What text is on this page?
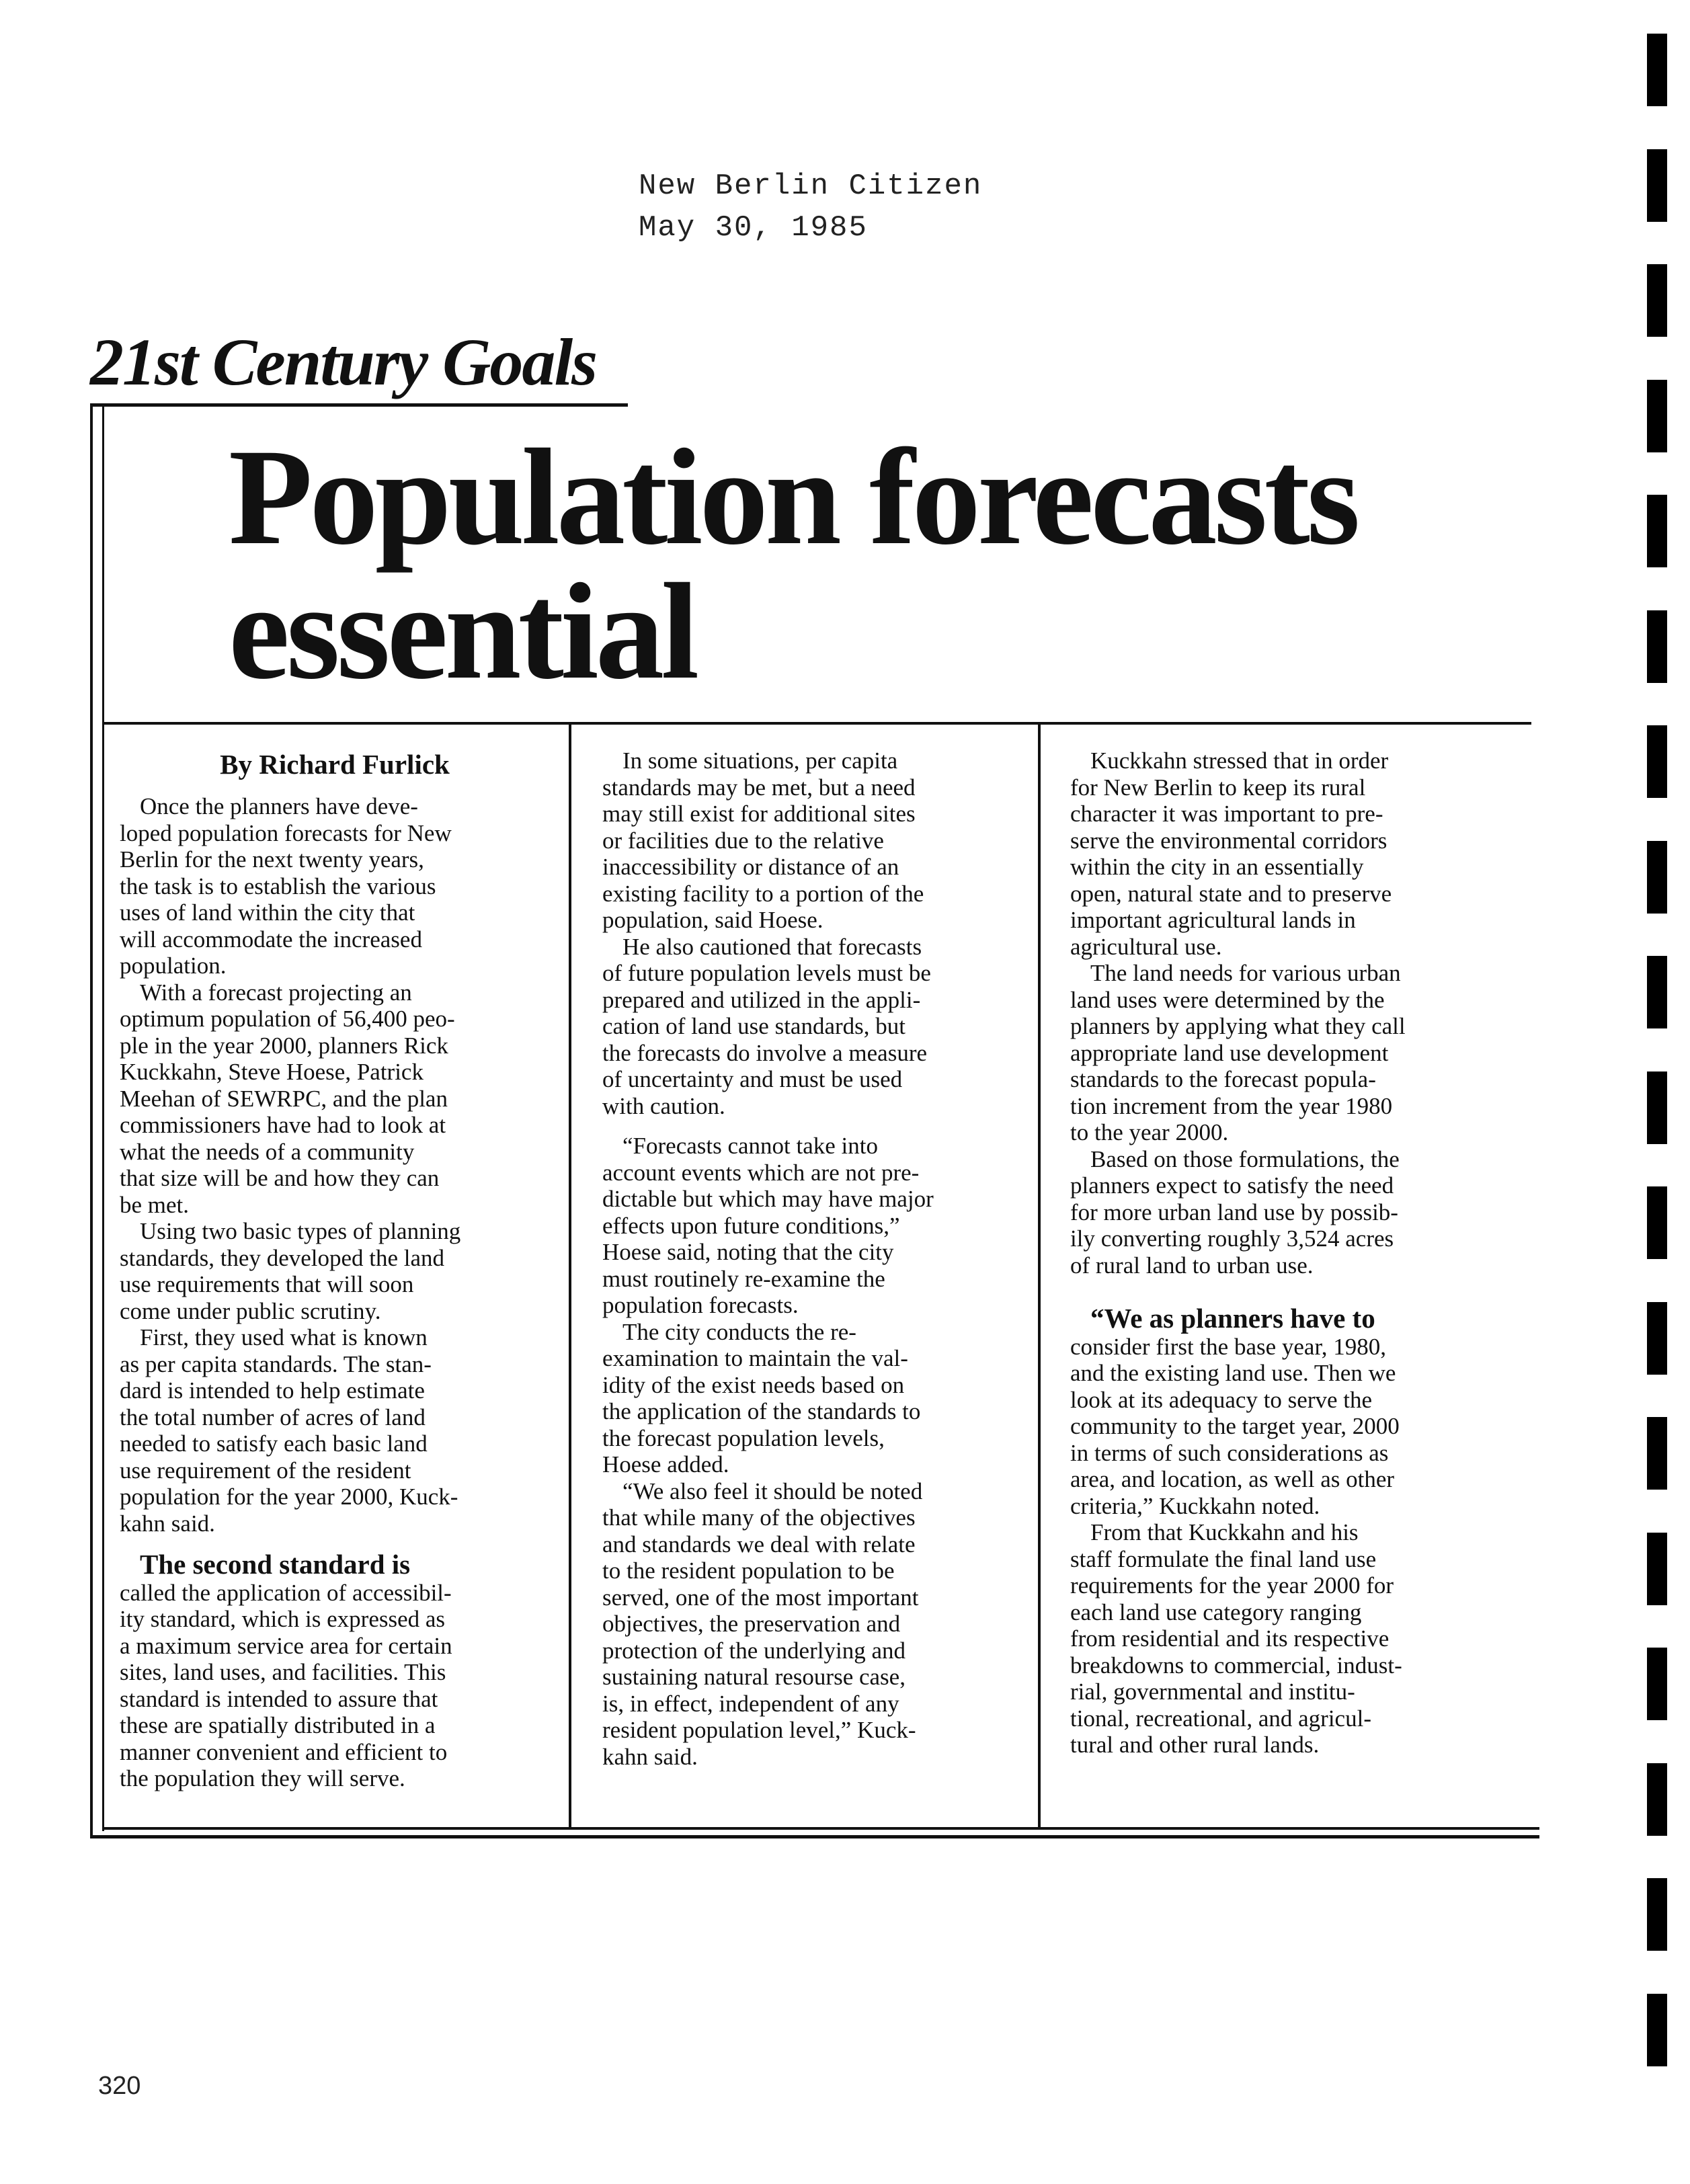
New Berlin Citizen
May 30, 1985
21st Century Goals
Population forecasts
essential
By Richard Furlick

Once the planners have deve-
loped population forecasts for New
Berlin for the next twenty years,
the task is to establish the various
uses of land within the city that
will accommodate the increased
population.

With a forecast projecting an
optimum population of 56,400 peo-
ple in the year 2000, planners Rick
Kuckkahn, Steve Hoese, Patrick
Meehan of SEWRPC, and the plan
commissioners have had to look at
what the needs of a community
that size will be and how they can
be met.

Using two basic types of planning
standards, they developed the land
use requirements that will soon
come under public scrutiny.

First, they used what is known
as per capita standards. The stan-
dard is intended to help estimate
the total number of acres of land
needed to satisfy each basic land
use requirement of the resident
population for the year 2000, Kuck-
kahn said.

The second standard is
called the application of accessibil-
ity standard, which is expressed as
a maximum service area for certain
sites, land uses, and facilities. This
standard is intended to assure that
these are spatially distributed in a
manner convenient and efficient to
the population they will serve.

In some situations, per capita
standards may be met, but a need
may still exist for additional sites
or facilities due to the relative
inaccessibility or distance of an
existing facility to a portion of the
population, said Hoese.

He also cautioned that forecasts
of future population levels must be
prepared and utilized in the appli-
cation of land use standards, but
the forecasts do involve a measure
of uncertainty and must be used
with caution.

“Forecasts cannot take into
account events which are not pre-
dictable but which may have major
effects upon future conditions,”
Hoese said, noting that the city
must routinely re-examine the
population forecasts.

The city conducts the re-
examination to maintain the val-
idity of the exist needs based on
the application of the standards to
the forecast population levels,
Hoese added.

“We also feel it should be noted
that while many of the objectives
and standards we deal with relate
to the resident population to be
served, one of the most important
objectives, the preservation and
protection of the underlying and
sustaining natural resourse case,
is, in effect, independent of any
resident population level,” Kuck-
kahn said.

Kuckkahn stressed that in order
for New Berlin to keep its rural
character it was important to pre-
serve the environmental corridors
within the city in an essentially
open, natural state and to preserve
important agricultural lands in
agricultural use.

The land needs for various urban
land uses were determined by the
planners by applying what they call
appropriate land use development
standards to the forecast popula-
tion increment from the year 1980
to the year 2000.

Based on those formulations, the
planners expect to satisfy the need
for more urban land use by possib-
ily converting roughly 3,524 acres
of rural land to urban use.

“We as planners have to
consider first the base year, 1980,
and the existing land use. Then we
look at its adequacy to serve the
community to the target year, 2000
in terms of such considerations as
area, and location, as well as other
criteria,” Kuckkahn noted.

From that Kuckkahn and his
staff formulate the final land use
requirements for the year 2000 for
each land use category ranging
from residential and its respective
breakdowns to commercial, indust-
rial, governmental and institu-
tional, recreational, and agricul-
tural and other rural lands.

320
